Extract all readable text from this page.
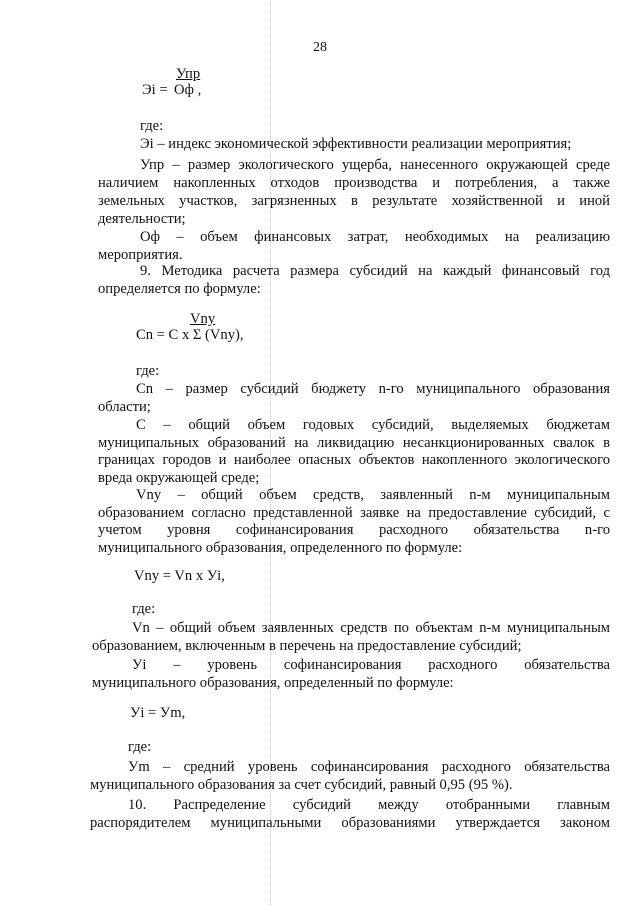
28
Упр
Эi = Оф ,
где:
Эi – индекс экономической эффективности реализации мероприятия;
Упр – размер экологического ущерба, нанесенного окружающей среде
наличием накопленных отходов производства и потребления, а также
земельных участков, загрязненных в результате хозяйственной и иной
деятельности;
Оф – объем финансовых затрат, необходимых на реализацию
мероприятия.
9. Методика расчета размера субсидий на каждый финансовый год
определяется по формуле:
Vny
Cn = C x Σ (Vny),
где:
Cn – размер субсидий бюджету n-го муниципального образования
области;
C – общий объем годовых субсидий, выделяемых бюджетам
муниципальных образований на ликвидацию несанкционированных свалок в
границах городов и наиболее опасных объектов накопленного экологического
вреда окружающей среде;
Vny – общий объем средств, заявленный n-м муниципальным
образованием согласно представленной заявке на предоставление субсидий, с
учетом уровня софинансирования расходного обязательства n-го
муниципального образования, определенного по формуле:
Vny = Vn x Уi,
где:
Vn – общий объем заявленных средств по объектам n-м муниципальным
образованием, включенным в перечень на предоставление субсидий;
Уi – уровень софинансирования расходного обязательства
муниципального образования, определенный по формуле:
Уi = Уm,
где:
Уm – средний уровень софинансирования расходного обязательства
муниципального образования за счет субсидий, равный 0,95 (95 %).
10. Распределение субсидий между отобранными главным
распорядителем муниципальными образованиями утверждается законом
